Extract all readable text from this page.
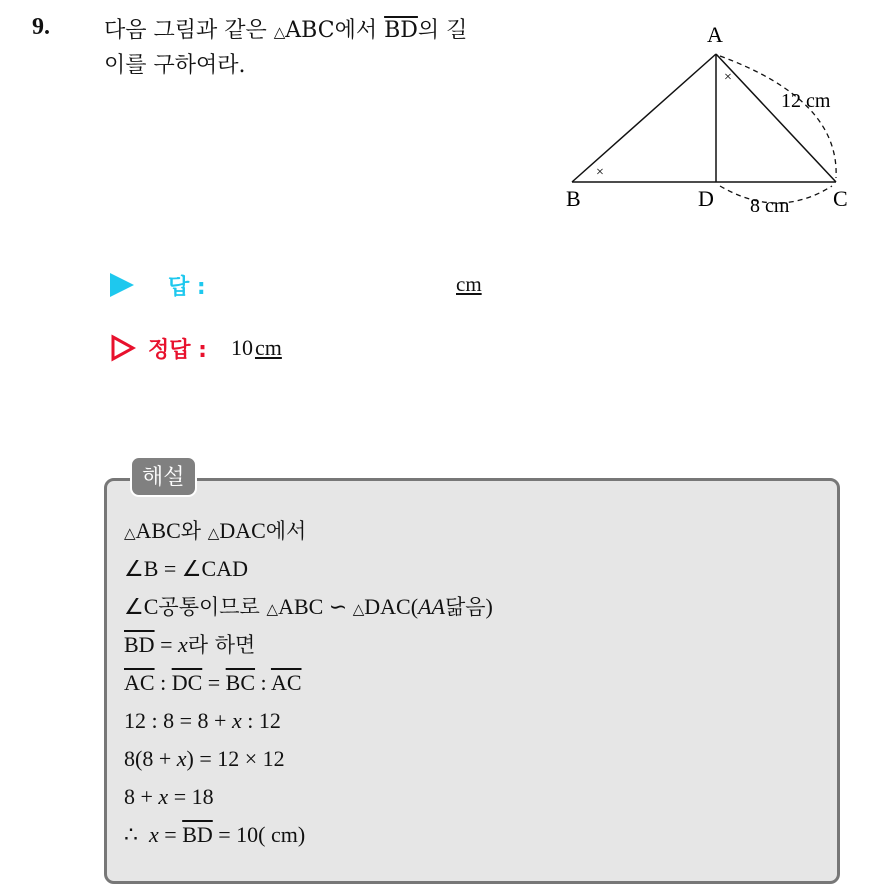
9. 다음 그림과 같은 △ABC에서 $\overline{BD}$의 길
이를 구하여라.	×
×
A
B	C
D
12 cm
8 cm
답 :	cm
정답 : 10cm
해설
△ABC와 △DAC에서
∠B = ∠CAD
∠C공통이므로 △ABC ∽ △DAC(AA닮음)
$\overline{BD} = x$라 하면
$\overline{AC}$ : $\overline{DC} = \overline{BC}$ : $\overline{AC}$
12 : 8 = 8 + x : 12
8(8 + x) = 12 × 12
8 + x = 18
∴  $x = \overline{BD} = 10$( cm)
